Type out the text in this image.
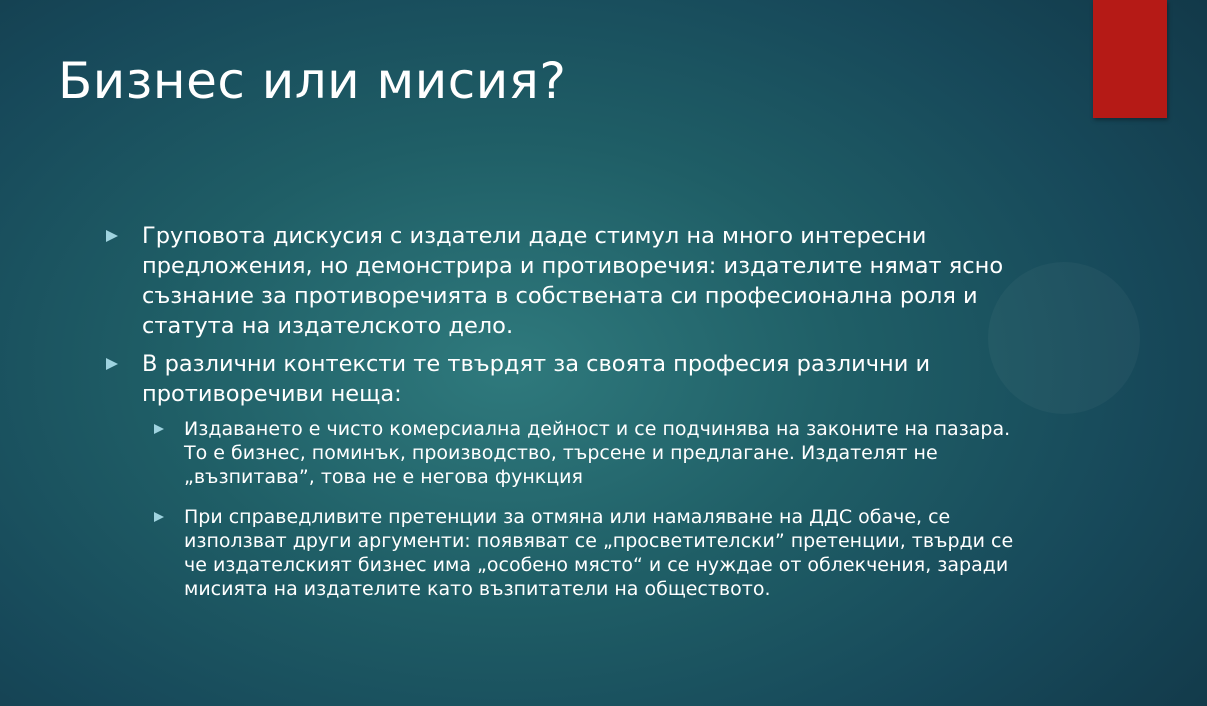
Бизнес или мисия?
Груповота дискусия с издатели даде стимул на много интересни предложения, но демонстрира и противоречия: издателите нямат ясно съзнание за противоречията в собствената си професионална роля и статута на издателското дело.
В различни контексти те твърдят за своята професия различни и противоречиви неща:
Издаването е чисто комерсиална дейност и се подчинява на законите на пазара. То е бизнес, поминък, производство, търсене и предлагане. Издателят не „възпитава”, това не е негова функция
При справедливите претенции за отмяна или намаляване на ДДС обаче, се използват други аргументи: появяват се „просветителски” претенции, твърди се че издателският бизнес има „особено място“ и се нуждае от облекчения, заради мисията на издателите като възпитатели на обществото.
